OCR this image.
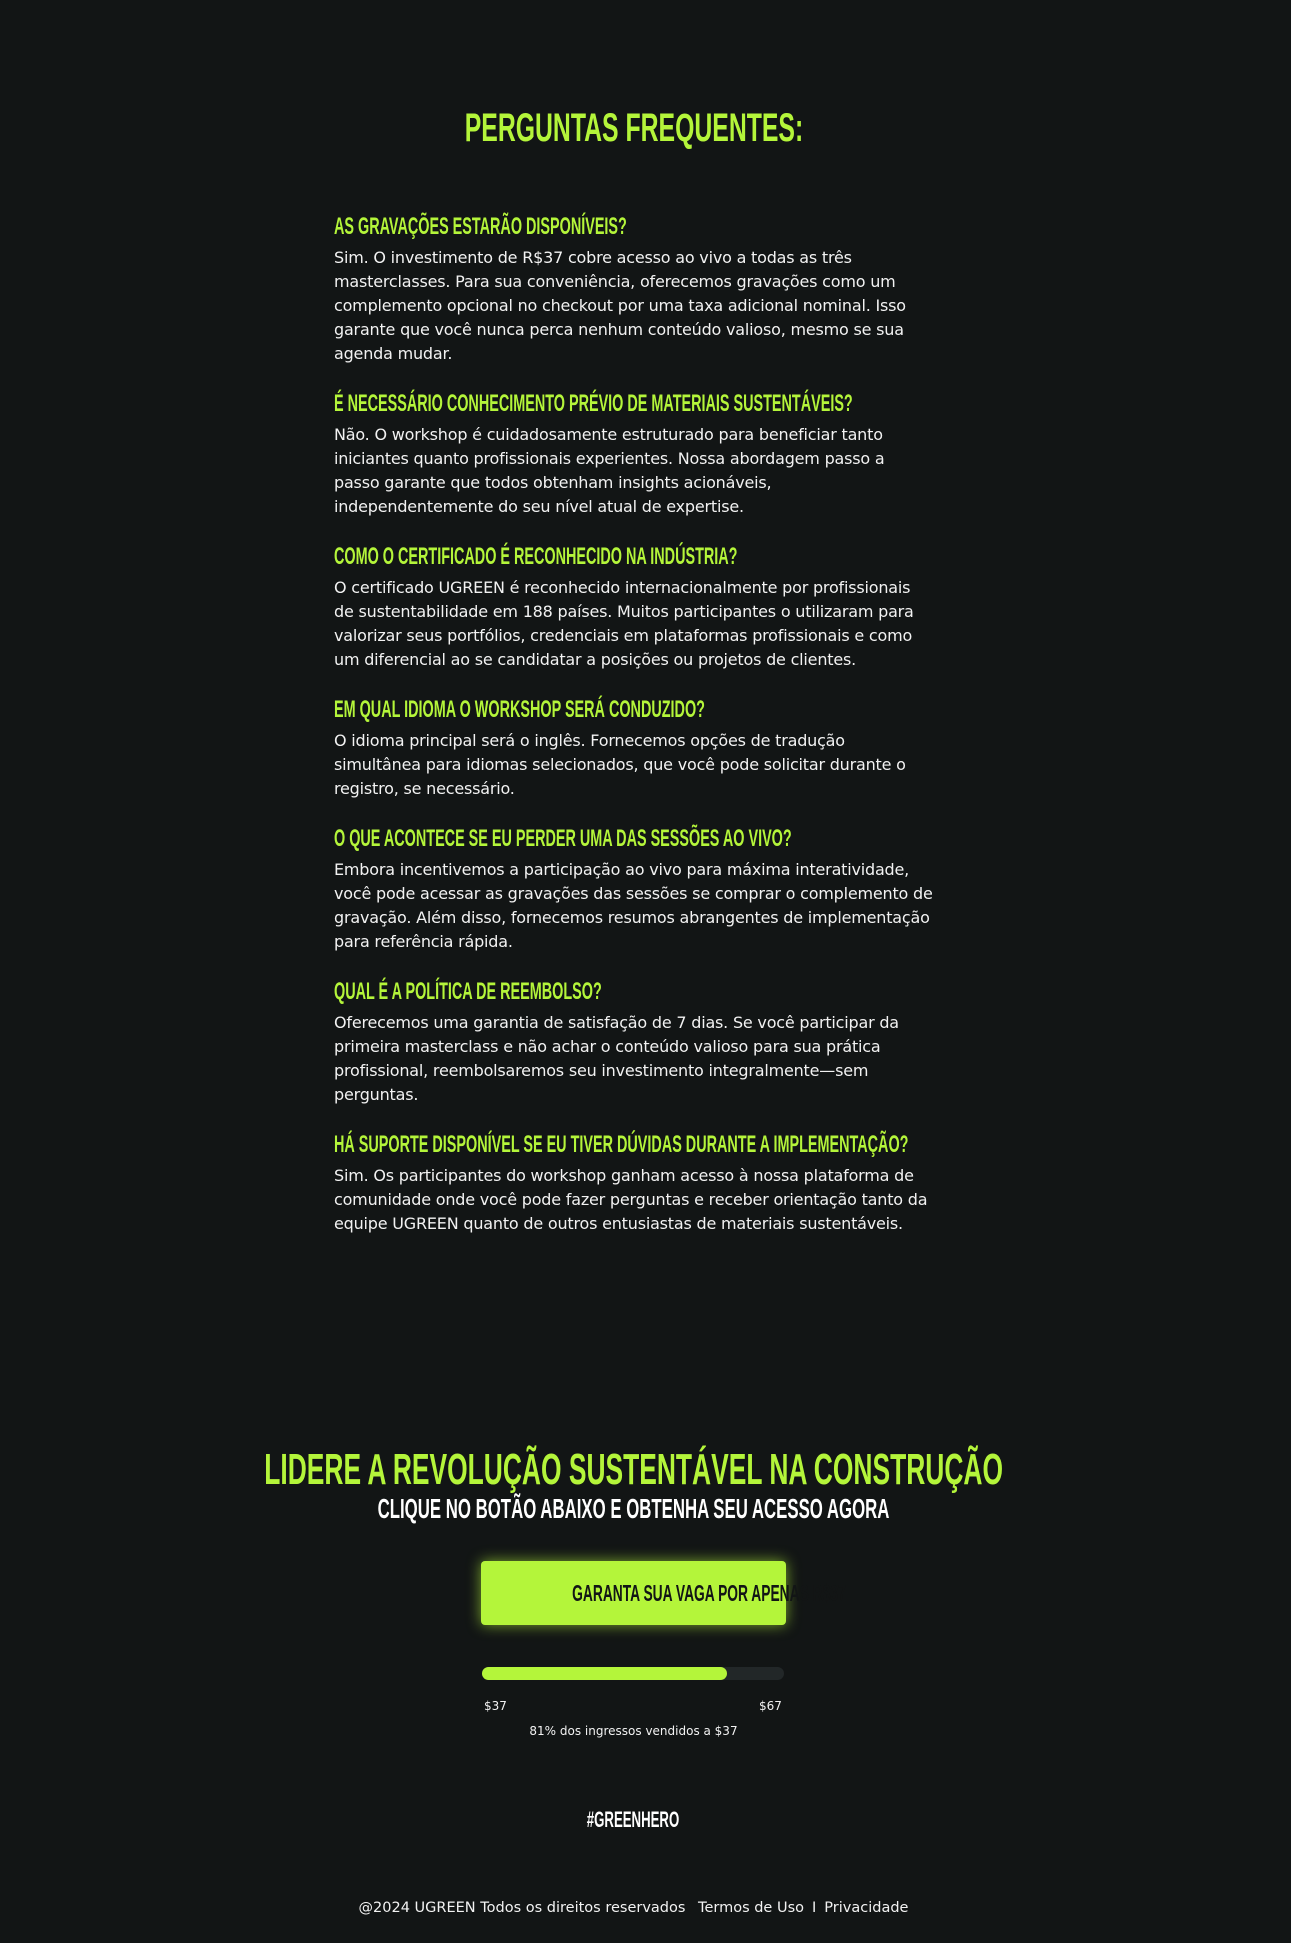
PERGUNTAS FREQUENTES:
AS GRAVAÇÕES ESTARÃO DISPONÍVEIS?

Sim. O investimento de R$37 cobre acesso ao vivo a todas as três masterclasses. Para sua conveniência, oferecemos gravações como um complemento opcional no checkout por uma taxa adicional nominal. Isso garante que você nunca perca nenhum conteúdo valioso, mesmo se sua agenda mudar.

É NECESSÁRIO CONHECIMENTO PRÉVIO DE MATERIAIS SUSTENTÁVEIS?

Não. O workshop é cuidadosamente estruturado para beneficiar tanto iniciantes quanto profissionais experientes. Nossa abordagem passo a passo garante que todos obtenham insights acionáveis, independentemente do seu nível atual de expertise.

COMO O CERTIFICADO É RECONHECIDO NA INDÚSTRIA?

O certificado UGREEN é reconhecido internacionalmente por profissionais de sustentabilidade em 188 países. Muitos participantes o utilizaram para valorizar seus portfólios, credenciais em plataformas profissionais e como um diferencial ao se candidatar a posições ou projetos de clientes.

EM QUAL IDIOMA O WORKSHOP SERÁ CONDUZIDO?

O idioma principal será o inglês. Fornecemos opções de tradução simultânea para idiomas selecionados, que você pode solicitar durante o registro, se necessário.

O QUE ACONTECE SE EU PERDER UMA DAS SESSÕES AO VIVO?

Embora incentivemos a participação ao vivo para máxima interatividade, você pode acessar as gravações das sessões se comprar o complemento de gravação. Além disso, fornecemos resumos abrangentes de implementação para referência rápida.

QUAL É A POLÍTICA DE REEMBOLSO?

Oferecemos uma garantia de satisfação de 7 dias. Se você participar da primeira masterclass e não achar o conteúdo valioso para sua prática profissional, reembolsaremos seu investimento integralmente—sem perguntas.

HÁ SUPORTE DISPONÍVEL SE EU TIVER DÚVIDAS DURANTE A IMPLEMENTAÇÃO?

Sim. Os participantes do workshop ganham acesso à nossa plataforma de comunidade onde você pode fazer perguntas e receber orientação tanto da equipe UGREEN quanto de outros entusiastas de materiais sustentáveis.

LIDERE A REVOLUÇÃO SUSTENTÁVEL NA CONSTRUÇÃO
CLIQUE NO BOTÃO ABAIXO E OBTENHA SEU ACESSO AGORA
GARANTA SUA VAGA POR APENAS R$37
$37	$67
81% dos ingressos vendidos a $37
#GREENHERO
@2024 UGREEN Todos os direitos reservados Termos de Uso I Privacidade
